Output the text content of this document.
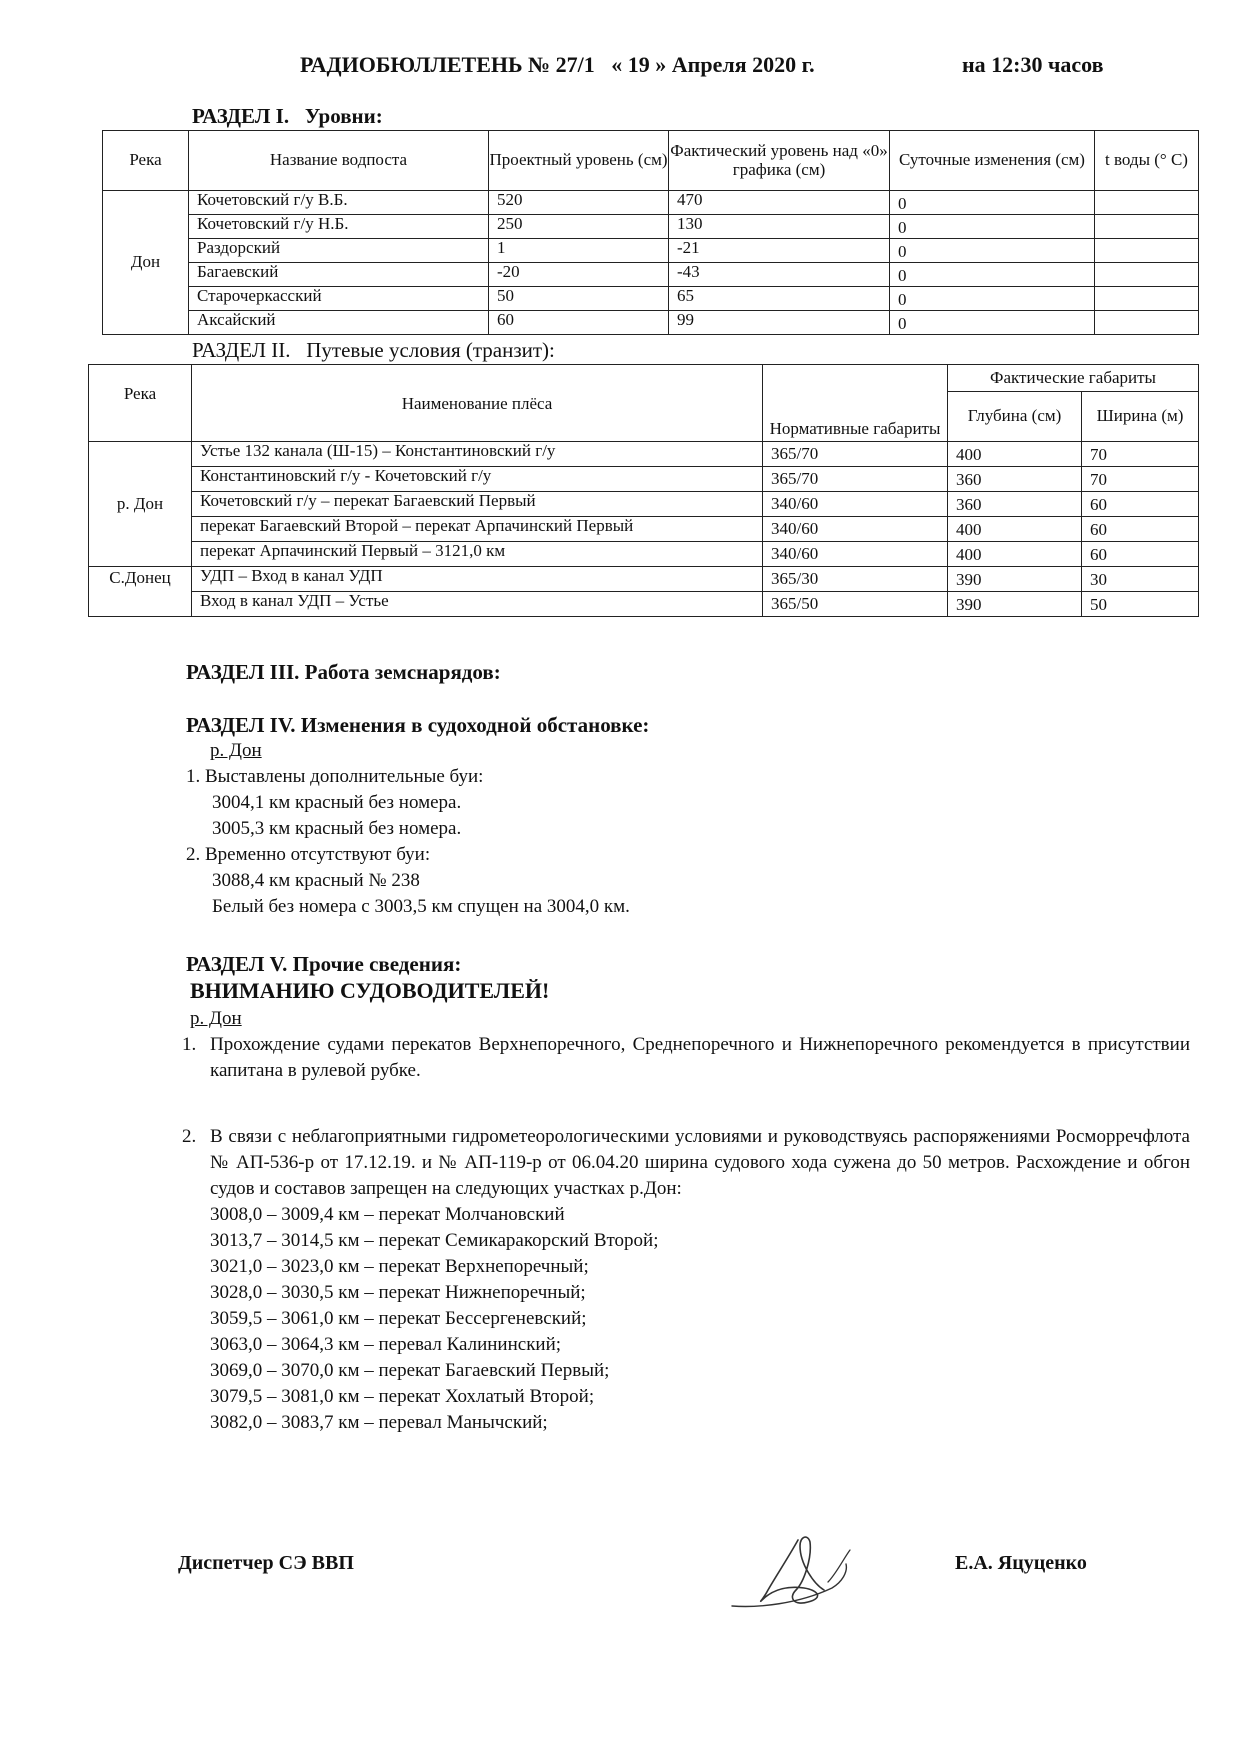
РАДИОБЮЛЛЕТЕНЬ № 27/1 « 19 » Апреля 2020 г.	на 12:30 часов
РАЗДЕЛ I. Уровни:
Река	Название водпоста	Проектный уровень (см)	Фактический уровень над «0» графика (см)	Суточные изменения (см)	t воды (° С)
Дон	Кочетовский г/у В.Б.	520	470	0	
	Кочетовский г/у Н.Б.	250	130	0	
	Раздорский	1	-21	0	
	Багаевский	-20	-43	0	
	Старочеркасский	50	65	0	
	Аксайский	60	99	0	
РАЗДЕЛ II. Путевые условия (транзит):
Река	Наименование плёса	Нормативные габариты	Фактические габариты	
			Глубина (см)	Ширина (м)
р. Дон	Устье 132 канала (Ш-15) – Константиновский г/у	365/70	400	70
	Константиновский г/у - Кочетовский г/у	365/70	360	70
	Кочетовский г/у – перекат Багаевский Первый	340/60	360	60
	перекат Багаевский Второй – перекат Арпачинский Первый	340/60	400	60
	перекат Арпачинский Первый – 3121,0 км	340/60	400	60
С.Донец	УДП – Вход в канал УДП	365/30	390	30
	Вход в канал УДП – Устье	365/50	390	50
РАЗДЕЛ III. Работа земснарядов:
РАЗДЕЛ IV. Изменения в судоходной обстановке:
р. Дон
1. Выставлены дополнительные буи:
3004,1 км красный без номера.
3005,3 км красный без номера.
2. Временно отсутствуют буи:
3088,4 км красный № 238
Белый без номера с 3003,5 км спущен на 3004,0 км.
РАЗДЕЛ V. Прочие сведения:
ВНИМАНИЮ СУДОВОДИТЕЛЕЙ!
р. Дон
1. Прохождение судами перекатов Верхнепоречного, Среднепоречного и Нижнепоречного рекомендуется в присутствии капитана в рулевой рубке.
2. В связи с неблагоприятными гидрометеорологическими условиями и руководствуясь распоряжениями Росморречфлота № АП-536-р от 17.12.19. и № АП-119-р от 06.04.20 ширина судового хода сужена до 50 метров. Расхождение и обгон судов и составов запрещен на следующих участках р.Дон:
3008,0 – 3009,4 км – перекат Молчановский
3013,7 – 3014,5 км – перекат Семикаракорский Второй;
3021,0 – 3023,0 км – перекат Верхнепоречный;
3028,0 – 3030,5 км – перекат Нижнепоречный;
3059,5 – 3061,0 км – перекат Бессергеневский;
3063,0 – 3064,3 км – перевал Калининский;
3069,0 – 3070,0 км – перекат Багаевский Первый;
3079,5 – 3081,0 км – перекат Хохлатый Второй;
3082,0 – 3083,7 км – перевал Манычский;
Диспетчер СЭ ВВП	Е.А. Яцуценко
